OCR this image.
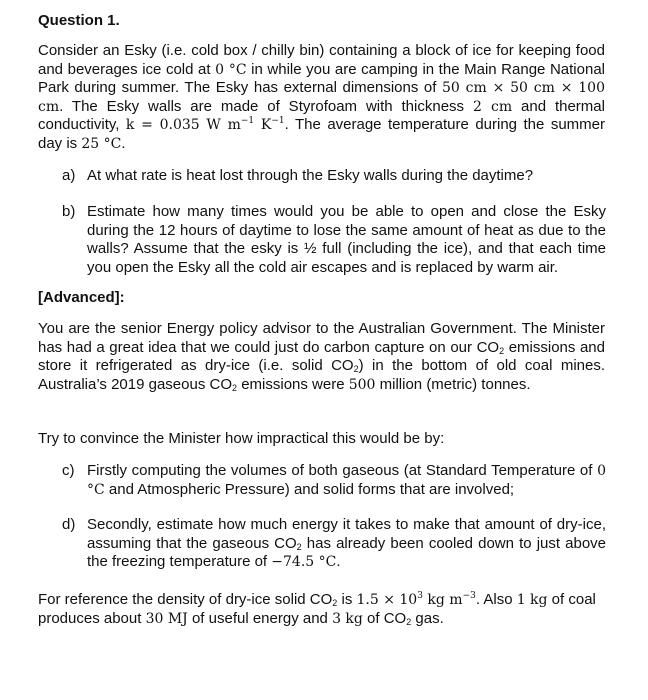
Question 1.
Consider an Esky (i.e. cold box / chilly bin) containing a block of ice for keeping food and beverages ice cold at 0 °C in while you are camping in the Main Range National Park during summer. The Esky has external dimensions of 50 cm × 50 cm × 100 cm. The Esky walls are made of Styrofoam with thickness 2 cm and thermal conductivity, k = 0.035 W $m^{-1}$ $K^{-1}$. The average temperature during the summer day is 25 °C.
a) At what rate is heat lost through the Esky walls during the daytime?
b) Estimate how many times would you be able to open and close the Esky during the 12 hours of daytime to lose the same amount of heat as due to the walls? Assume that the esky is ½ full (including the ice), and that each time you open the Esky all the cold air escapes and is replaced by warm air.
[Advanced]:
You are the senior Energy policy advisor to the Australian Government. The Minister has had a great idea that we could just do carbon capture on our $CO_2$ emissions and store it refrigerated as dry-ice (i.e. solid $CO_2$) in the bottom of old coal mines. Australia’s 2019 gaseous $CO_2$ emissions were 500 million (metric) tonnes.
Try to convince the Minister how impractical this would be by:
c) Firstly computing the volumes of both gaseous (at Standard Temperature of 0 °C and Atmospheric Pressure) and solid forms that are involved;
d) Secondly, estimate how much energy it takes to make that amount of dry-ice, assuming that the gaseous $CO_2$ has already been cooled down to just above the freezing temperature of −74.5 °C.
For reference the density of dry-ice solid $CO_2$ is $1.5 \times 10^3$ kg $m^{-3}$. Also 1 kg of coal produces about 30 MJ of useful energy and 3 kg of $CO_2$ gas.
